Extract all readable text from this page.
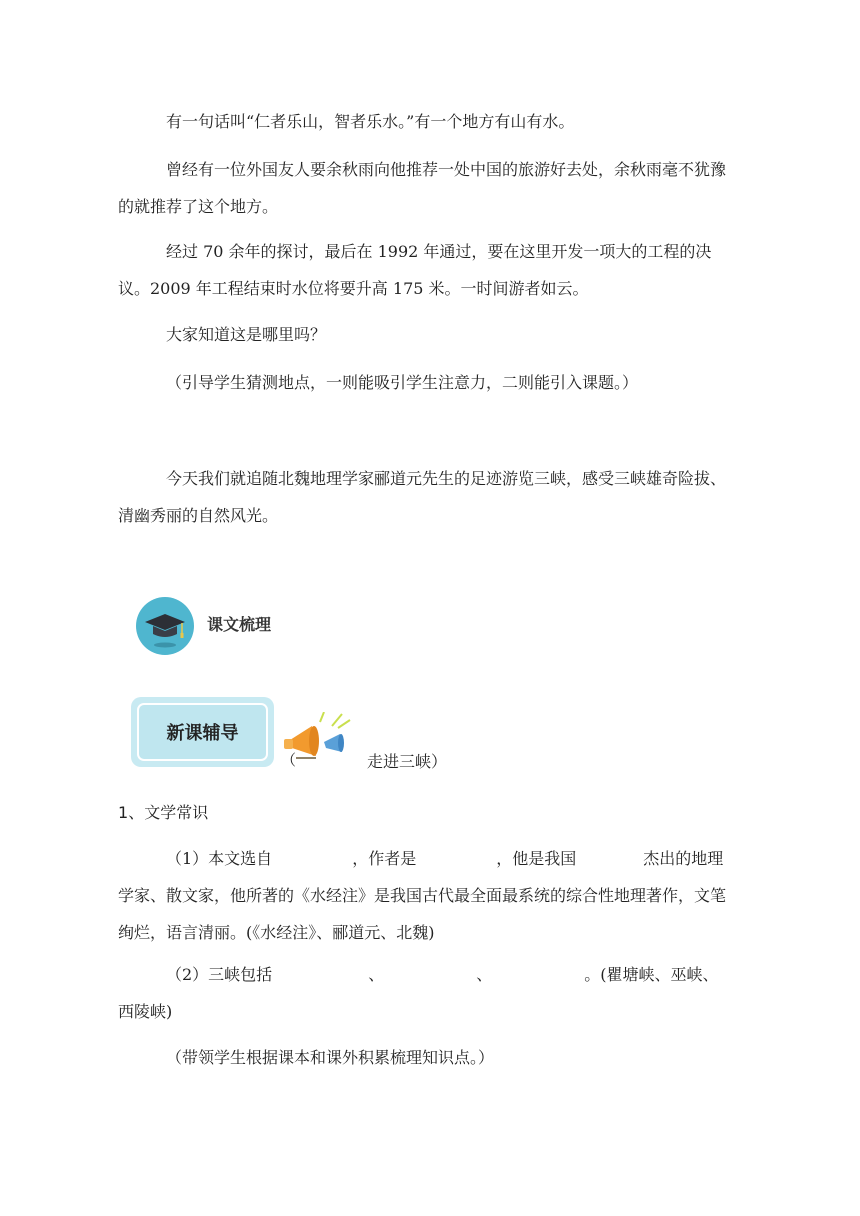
有一句话叫“仁者乐山，智者乐水。”有一个地方有山有水。
曾经有一位外国友人要余秋雨向他推荐一处中国的旅游好去处，余秋雨毫不犹豫的就推荐了这个地方。
经过 70 余年的探讨，最后在 1992 年通过，要在这里开发一项大的工程的决议。2009 年工程结束时水位将要升高 175 米。一时间游者如云。
大家知道这是哪里吗？
（引导学生猜测地点，一则能吸引学生注意力，二则能引入课题。）
今天我们就追随北魏地理学家郦道元先生的足迹游览三峡，感受三峡雄奇险拔、清幽秀丽的自然风光。
课文梳理
新课辅导
（	走进三峡）
1、文学常识
（1）本文选自	，作者是	，他是我国	杰出的地理学家、散文家，他所著的《水经注》是我国古代最全面最系统的综合性地理著作，文笔绚烂，语言清丽。(《水经注》、郦道元、北魏)
（2）三峡包括	、	、	。(瞿塘峡、巫峡、西陵峡)
（带领学生根据课本和课外积累梳理知识点。）
